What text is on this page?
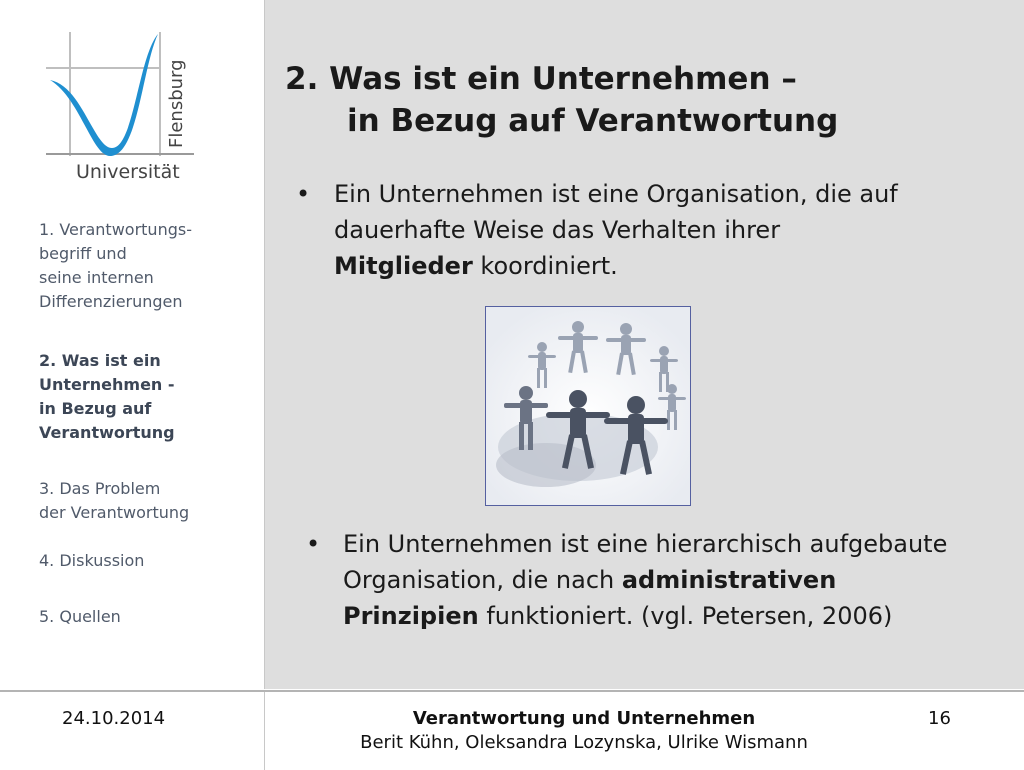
Flensburg
Universität
1. Verantwortungs-
begriff und
seine internen
Differenzierungen
2. Was ist ein
Unternehmen -
in Bezug auf
Verantwortung
3. Das Problem
der Verantwortung
4. Diskussion
5. Quellen
2. Was ist ein Unternehmen –
in Bezug auf Verantwortung
• Ein Unternehmen ist eine Organisation, die auf dauerhafte Weise das Verhalten ihrer Mitglieder koordiniert.
• Ein Unternehmen ist eine hierarchisch aufgebaute Organisation, die nach administrativen Prinzipien funktioniert. (vgl. Petersen, 2006)
24.10.2014	Verantwortung und Unternehmen
Berit Kühn, Oleksandra Lozynska, Ulrike Wismann
16
